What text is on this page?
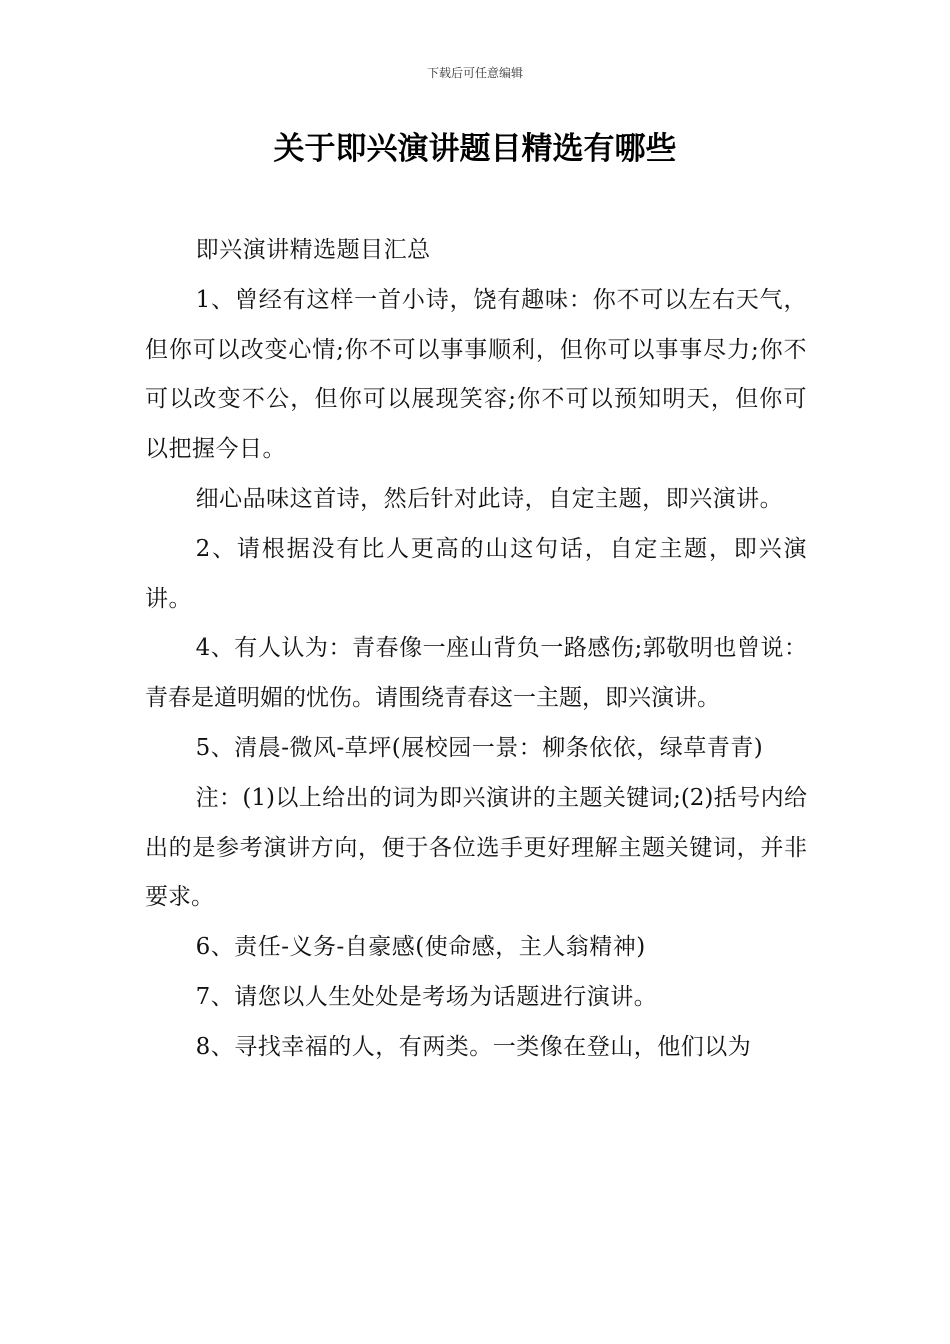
下载后可任意编辑
关于即兴演讲题目精选有哪些

即兴演讲精选题目汇总

1、曾经有这样一首小诗，饶有趣味：你不可以左右天气，但你可以改变心情;你不可以事事顺利，但你可以事事尽力;你不可以改变不公，但你可以展现笑容;你不可以预知明天，但你可以把握今日。

细心品味这首诗，然后针对此诗，自定主题，即兴演讲。

2、请根据没有比人更高的山这句话，自定主题，即兴演讲。

4、有人认为：青春像一座山背负一路感伤;郭敬明也曾说：青春是道明媚的忧伤。请围绕青春这一主题，即兴演讲。

5、清晨-微风-草坪(展校园一景：柳条依依，绿草青青)

注：(1)以上给出的词为即兴演讲的主题关键词;(2)括号内给出的是参考演讲方向，便于各位选手更好理解主题关键词，并非要求。

6、责任-义务-自豪感(使命感，主人翁精神)

7、请您以人生处处是考场为话题进行演讲。

8、寻找幸福的人，有两类。一类像在登山，他们以为
